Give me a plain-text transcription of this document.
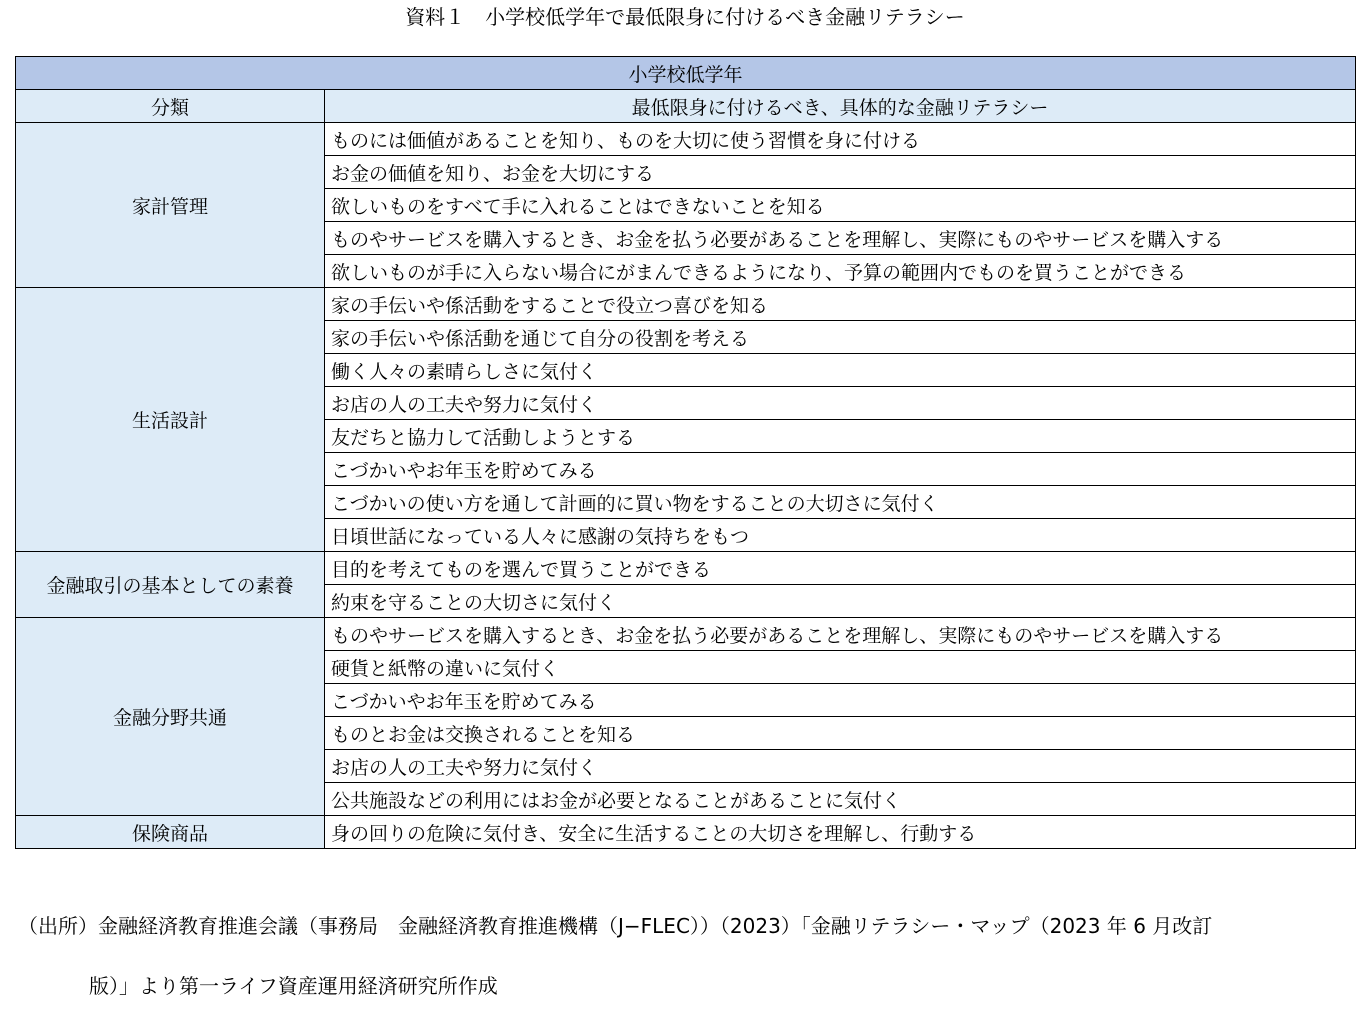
資料１　小学校低学年で最低限身に付けるべき金融リテラシー
小学校低学年	
分類	最低限身に付けるべき、具体的な金融リテラシー
家計管理	ものには価値があることを知り、ものを大切に使う習慣を身に付ける
	お金の価値を知り、お金を大切にする
	欲しいものをすべて手に入れることはできないことを知る
	ものやサービスを購入するとき、お金を払う必要があることを理解し、実際にものやサービスを購入する
	欲しいものが手に入らない場合にがまんできるようになり、予算の範囲内でものを買うことができる
生活設計	家の手伝いや係活動をすることで役立つ喜びを知る
	家の手伝いや係活動を通じて自分の役割を考える
	働く人々の素晴らしさに気付く
	お店の人の工夫や努力に気付く
	友だちと協力して活動しようとする
	こづかいやお年玉を貯めてみる
	こづかいの使い方を通して計画的に買い物をすることの大切さに気付く
	日頃世話になっている人々に感謝の気持ちをもつ
金融取引の基本としての素養	目的を考えてものを選んで買うことができる
	約束を守ることの大切さに気付く
金融分野共通	ものやサービスを購入するとき、お金を払う必要があることを理解し、実際にものやサービスを購入する
	硬貨と紙幣の違いに気付く
	こづかいやお年玉を貯めてみる
	ものとお金は交換されることを知る
	お店の人の工夫や努力に気付く
	公共施設などの利用にはお金が必要となることがあることに気付く
保険商品	身の回りの危険に気付き、安全に生活することの大切さを理解し、行動する
（出所）金融経済教育推進会議（事務局　金融経済教育推進機構（J−FLEC））（2023）「金融リテラシー・マップ（2023 年 6 月改訂
版）」より第一ライフ資産運用経済研究所作成
